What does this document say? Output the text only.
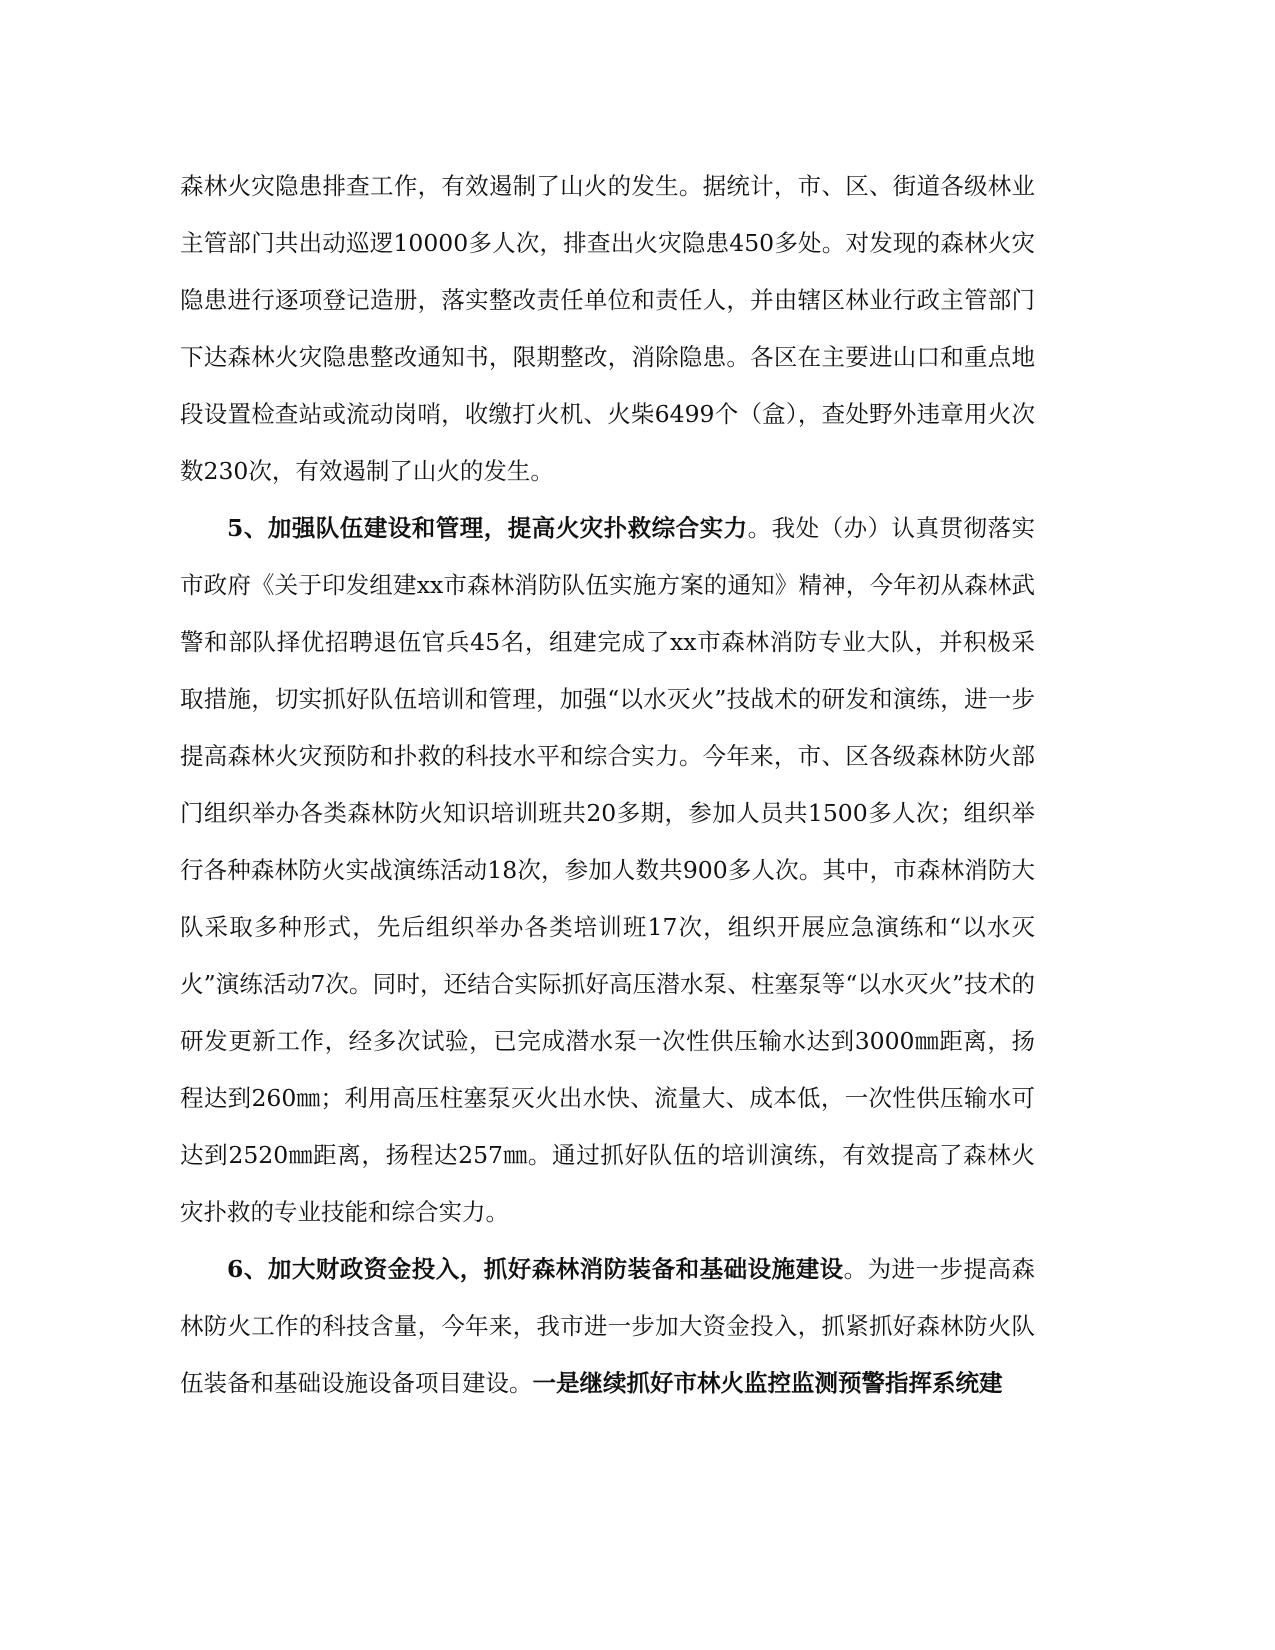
森林火灾隐患排查工作，有效遏制了山火的发生。据统计，市、区、街道各级林业主管部门共出动巡逻10000多人次，排查出火灾隐患450多处。对发现的森林火灾隐患进行逐项登记造册，落实整改责任单位和责任人，并由辖区林业行政主管部门下达森林火灾隐患整改通知书，限期整改，消除隐患。各区在主要进山口和重点地段设置检查站或流动岗哨，收缴打火机、火柴6499个（盒），查处野外违章用火次数230次，有效遏制了山火的发生。

5、加强队伍建设和管理，提高火灾扑救综合实力。我处（办）认真贯彻落实市政府《关于印发组建xx市森林消防队伍实施方案的通知》精神，今年初从森林武警和部队择优招聘退伍官兵45名，组建完成了xx市森林消防专业大队，并积极采取措施，切实抓好队伍培训和管理，加强“以水灭火”技战术的研发和演练，进一步提高森林火灾预防和扑救的科技水平和综合实力。今年来，市、区各级森林防火部门组织举办各类森林防火知识培训班共20多期，参加人员共1500多人次；组织举行各种森林防火实战演练活动18次，参加人数共900多人次。其中，市森林消防大队采取多种形式，先后组织举办各类培训班17次，组织开展应急演练和“以水灭火”演练活动7次。同时，还结合实际抓好高压潜水泵、柱塞泵等“以水灭火”技术的研发更新工作，经多次试验，已完成潜水泵一次性供压输水达到3000㎜距离，扬程达到260㎜；利用高压柱塞泵灭火出水快、流量大、成本低，一次性供压输水可达到2520㎜距离，扬程达257㎜。通过抓好队伍的培训演练，有效提高了森林火灾扑救的专业技能和综合实力。

6、加大财政资金投入，抓好森林消防装备和基础设施建设。为进一步提高森林防火工作的科技含量，今年来，我市进一步加大资金投入，抓紧抓好森林防火队伍装备和基础设施设备项目建设。一是继续抓好市林火监控监测预警指挥系统建
